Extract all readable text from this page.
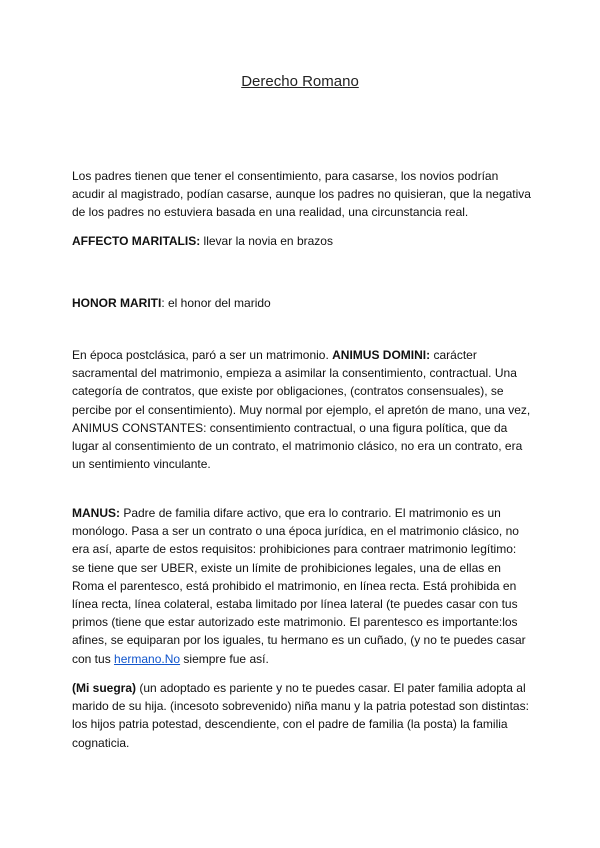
Derecho Romano
Los padres tienen que tener el consentimiento, para casarse, los novios podrían acudir al magistrado, podían casarse, aunque los padres no quisieran, que la negativa de los padres no estuviera basada en una realidad, una circunstancia real.
AFFECTO MARITALIS: llevar la novia en brazos
HONOR MARITI: el honor del marido
En época postclásica, paró a ser un matrimonio. ANIMUS DOMINI: carácter sacramental del matrimonio, empieza a asimilar la consentimiento, contractual. Una categoría de contratos, que existe por obligaciones, (contratos consensuales), se percibe por el consentimiento). Muy normal por ejemplo, el apretón de mano, una vez, ANIMUS CONSTANTES: consentimiento contractual, o una figura política, que da lugar al consentimiento de un contrato, el matrimonio clásico, no era un contrato, era un sentimiento vinculante.
MANUS: Padre de familia difare activo, que era lo contrario. El matrimonio es un monólogo. Pasa a ser un contrato o una época jurídica, en el matrimonio clásico, no era así, aparte de estos requisitos: prohibiciones para contraer matrimonio legítimo: se tiene que ser UBER, existe un límite de prohibiciones legales, una de ellas en Roma el parentesco, está prohibido el matrimonio, en línea recta. Está prohibida en línea recta, línea colateral, estaba limitado por línea lateral (te puedes casar con tus primos (tiene que estar autorizado este matrimonio. El parentesco es importante:los afines, se equiparan por los iguales, tu hermano es un cuñado, (y no te puedes casar con tus hermano.No siempre fue así.
(Mi suegra) (un adoptado es pariente y no te puedes casar. El pater familia adopta al marido de su hija. (incesoto sobrevenido) niña manu y la patria potestad son distintas: los hijos patria potestad, descendiente, con el padre de familia (la posta) la familia cognaticia.
